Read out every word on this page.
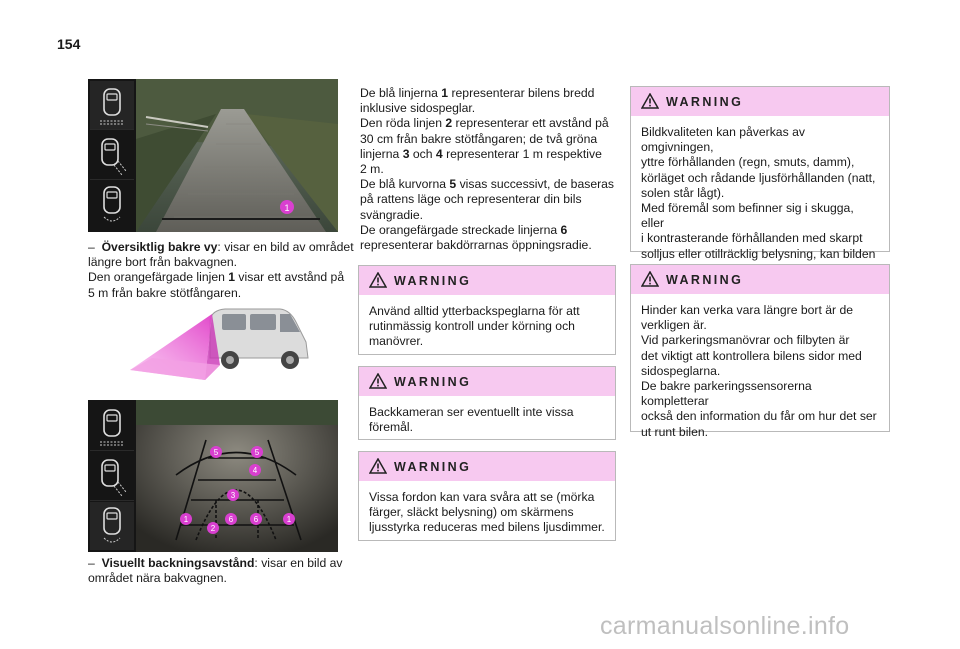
154
1

– Översiktlig bakre vy: visar en bild av området

längre bort från bakvagnen.

Den orangefärgade linjen 1 visar ett avstånd på

5 m från bakre stötfångaren.

5	5
4
3
1	6	6	1
2

– Visuellt backningsavstånd: visar en bild av

området nära bakvagnen.

De blå linjerna 1 representerar bilens bredd

inklusive sidospeglar.

Den röda linjen 2 representerar ett avstånd på

30 cm från bakre stötfångaren; de två gröna

linjerna 3 och 4 representerar 1 m respektive

2 m.

De blå kurvorna 5 visas successivt, de baseras

på rattens läge och representerar din bils

svängradie.

De orangefärgade streckade linjerna 6

representerar bakdörrarnas öppningsradie.

WARNING

Använd alltid ytterbackspeglarna för att

rutinmässig kontroll under körning och

manövrer.

WARNING

Backkameran ser eventuellt inte vissa

föremål.

WARNING

Vissa fordon kan vara svåra att se (mörka

färger, släckt belysning) om skärmens

ljusstyrka reduceras med bilens ljusdimmer.

WARNING

Bildkvaliteten kan påverkas av omgivningen,

yttre förhållanden (regn, smuts, damm),

körläget och rådande ljusförhållanden (natt,

solen står lågt).

Med föremål som befinner sig i skugga, eller

i kontrasterande förhållanden med skarpt

solljus eller otillräcklig belysning, kan bilden

WARNING

Hinder kan verka vara längre bort är de

verkligen är.

Vid parkeringsmanövrar och filbyten är

det viktigt att kontrollera bilens sidor med

sidospeglarna.

De bakre parkeringssensorerna kompletterar

också den information du får om hur det ser

ut runt bilen.

carmanualsonline.info
